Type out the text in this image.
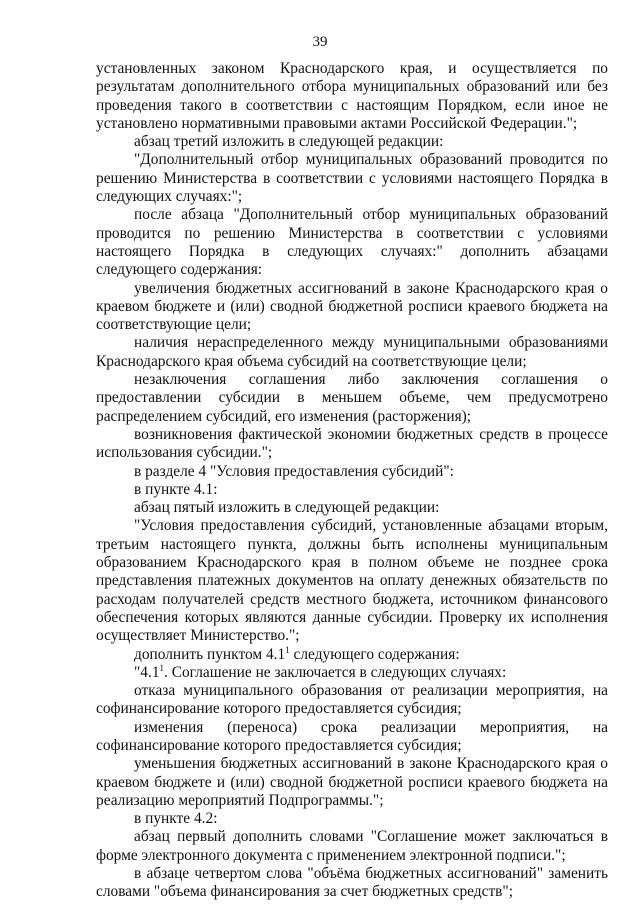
39

установленных законом Краснодарского края, и осуществляется по результатам дополнительного отбора муниципальных образований или без проведения такого в соответствии с настоящим Порядком, если иное не установлено нормативными правовыми актами Российской Федерации.";

абзац третий изложить в следующей редакции:

"Дополнительный отбор муниципальных образований проводится по решению Министерства в соответствии с условиями настоящего Порядка в следующих случаях:";

после абзаца "Дополнительный отбор муниципальных образований проводится по решению Министерства в соответствии с условиями настоящего Порядка в следующих случаях:" дополнить абзацами следующего содержания:

увеличения бюджетных ассигнований в законе Краснодарского края о краевом бюджете и (или) сводной бюджетной росписи краевого бюджета на соответствующие цели;

наличия нераспределенного между муниципальными образованиями Краснодарского края объема субсидий на соответствующие цели;

незаключения соглашения либо заключения соглашения о предоставлении субсидии в меньшем объеме, чем предусмотрено распределением субсидий, его изменения (расторжения);

возникновения фактической экономии бюджетных средств в процессе использования субсидии.";

в разделе 4 "Условия предоставления субсидий":

в пункте 4.1:

абзац пятый изложить в следующей редакции:

"Условия предоставления субсидий, установленные абзацами вторым, третьим настоящего пункта, должны быть исполнены муниципальным образованием Краснодарского края в полном объеме не позднее срока представления платежных документов на оплату денежных обязательств по расходам получателей средств местного бюджета, источником финансового обеспечения которых являются данные субсидии. Проверку их исполнения осуществляет Министерство.";

дополнить пунктом $4.1^1$ следующего содержания:

"$4.1^1$. Соглашение не заключается в следующих случаях:

отказа муниципального образования от реализации мероприятия, на софинансирование которого предоставляется субсидия;

изменения (переноса) срока реализации мероприятия, на софинансирование которого предоставляется субсидия;

уменьшения бюджетных ассигнований в законе Краснодарского края о краевом бюджете и (или) сводной бюджетной росписи краевого бюджета на реализацию мероприятий Подпрограммы.";

в пункте 4.2:

абзац первый дополнить словами "Соглашение может заключаться в форме электронного документа с применением электронной подписи.";

в абзаце четвертом слова "объёма бюджетных ассигнований" заменить словами "объема финансирования за счет бюджетных средств";
